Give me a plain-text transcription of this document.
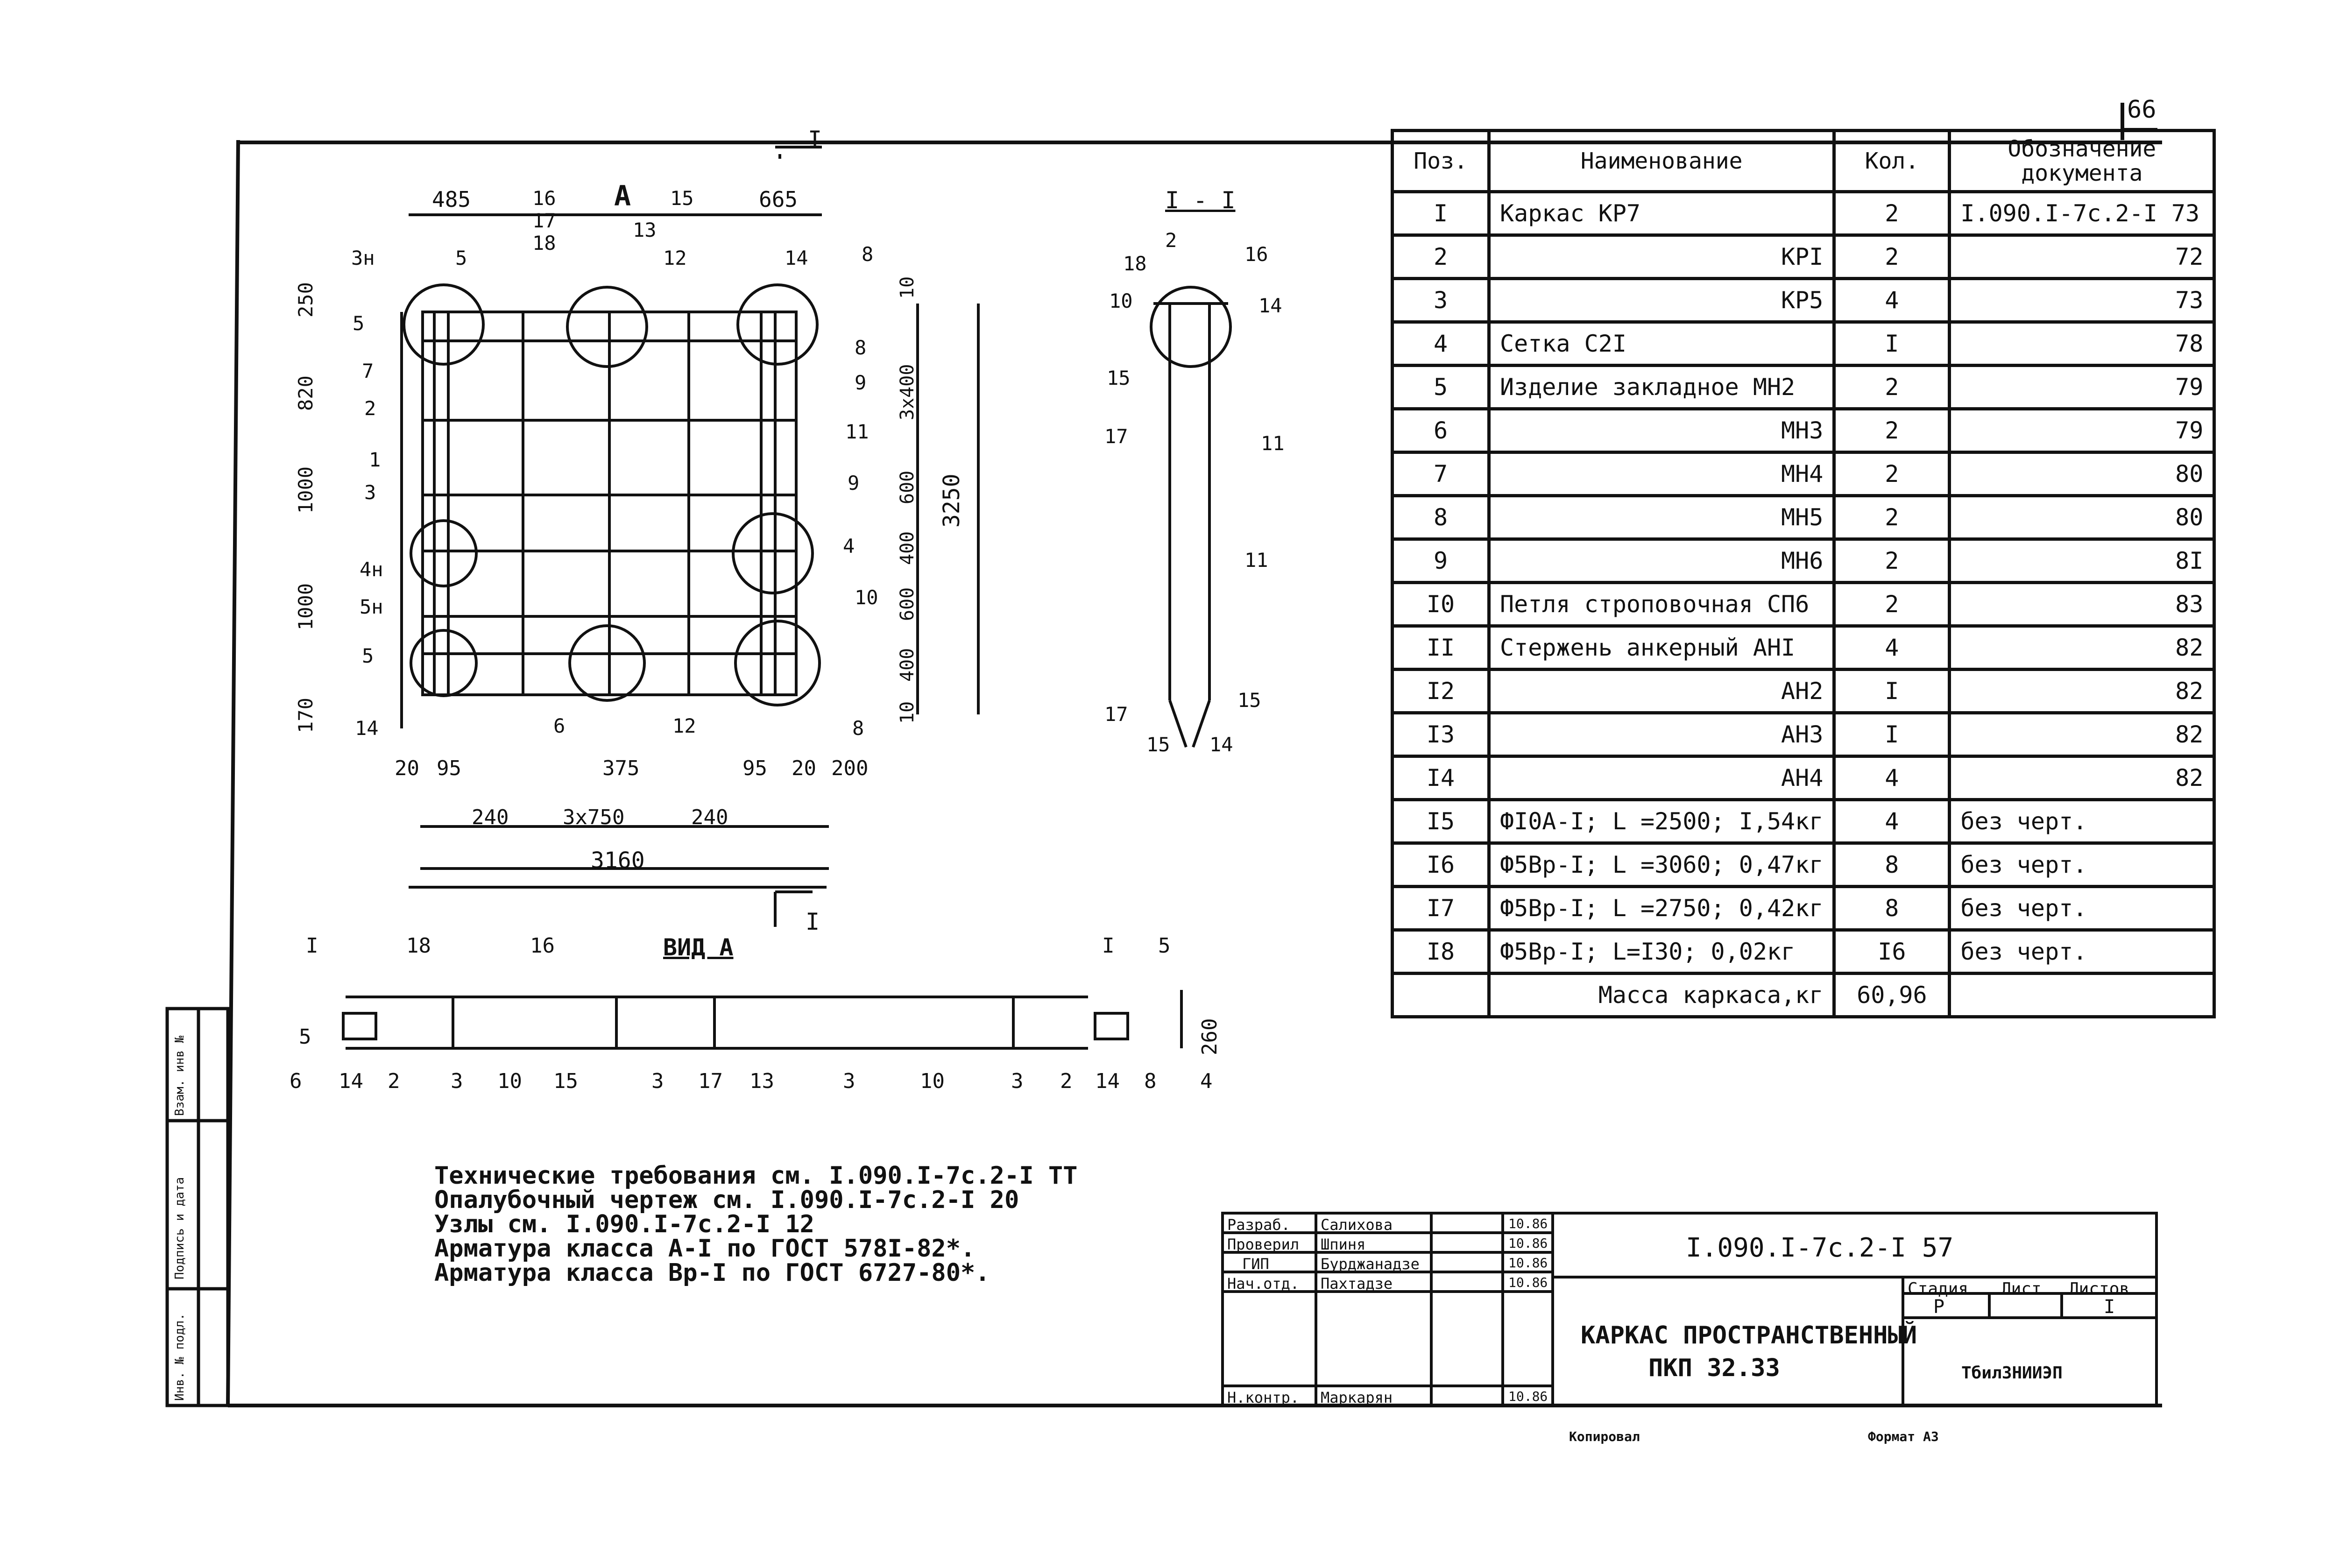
66
485	665
А
I
I
250
820
1000
1000
170
10
3x400
600
400
600
400
10
3250
20 95	375	95 20 200
240	3x750	240
3160
3н	5
16
17
18
13
12
15
14	8
5
7
2
1
3
4н
5н
5
14	6	12	8
10
4
9
11
9
8
I - I
2
18	16
10	14
15
17	11
11
17
15
15 14
ВИД А
I	18	16	I 5
5	260
6 14 2 3 10 15	3 17 13	3	10	3 2 14 8 4
Поз.	Наименование	Кол.	Обозначение документа
I	Каркас КР7	2	I.090.I-7с.2-I 73
2	КРI	2	72
3	КР5	4	73
4	Сетка С2I	I	78
5	Изделие закладное МН2	2	79
6	МН3	2	79
7	МН4	2	80
8	МН5	2	80
9	МН6	2	8I
I0	Петля строповочная СП6	2	83
II	Стержень анкерный АНI	4	82
I2	АН2	I	82
I3	АН3	I	82
I4	АН4	4	82
I5	ФI0А-I; L =2500; I,54кг	4	без черт.
I6	Ф5Вр-I; L =3060; 0,47кг	8	без черт.
I7	Ф5Вр-I; L =2750; 0,42кг	8	без черт.
I8	Ф5Вр-I; L=I30; 0,02кг	I6	без черт.
	Масса каркаса,кг	60,96	
Технические требования см. I.090.I-7с.2-I ТТ
Опалубочный чертеж см. I.090.I-7с.2-I 20
Узлы см. I.090.I-7с.2-I 12
Арматура класса А-I по ГОСТ 578I-82*.
Арматура класса Вр-I по ГОСТ 6727-80*.
Разраб. Салихова	10.86
Проверил Шпиня	10.86
ГИП	Бурджанадзе	10.86
Нач.отд. Пахтадзе	10.86
Н.контр. Маркарян	10.86
I.090.I-7с.2-I 57
КАРКАС ПРОСТРАНСТВЕННЫЙ
ПКП 32.33
Стадия Лист Листов
Р	I
ТбилЗНИИЭП
Взам. инв №
Подпись и дата
Инв. № подл.
Копировал	Формат А3
